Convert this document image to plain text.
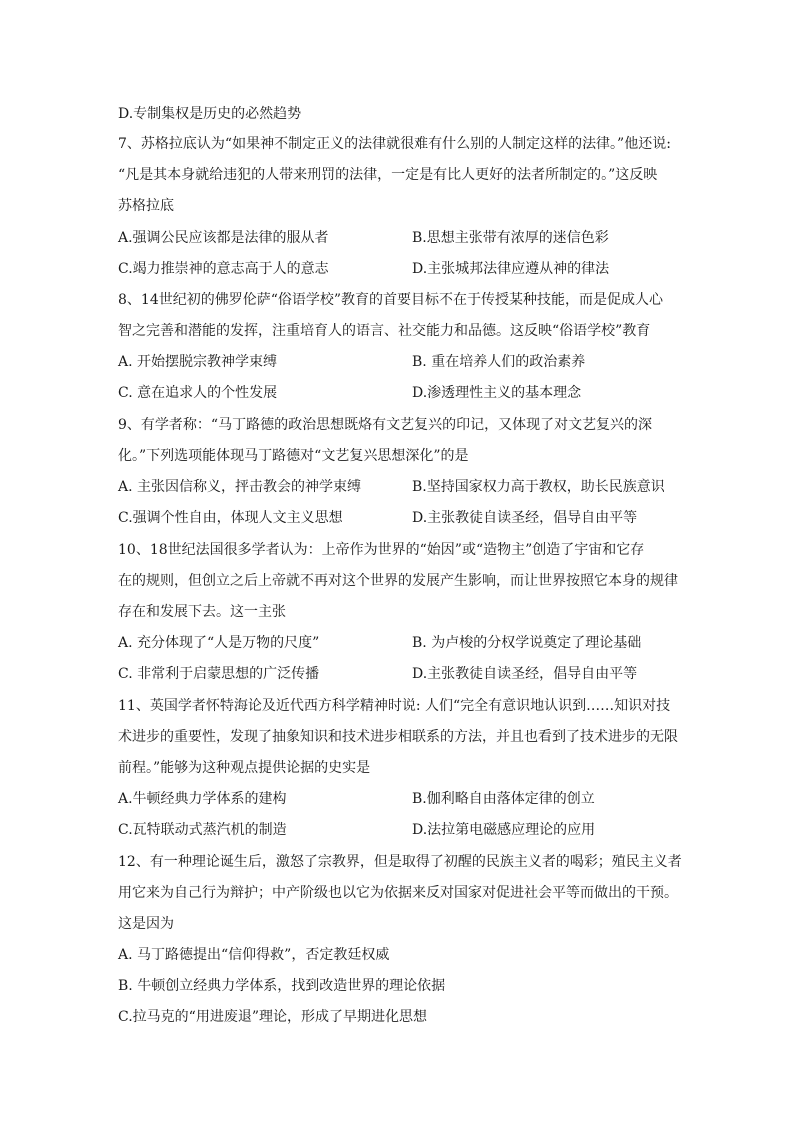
D.专制集权是历史的必然趋势
7、苏格拉底认为“如果神不制定正义的法律就很难有什么别的人制定这样的法律。”他还说:
“凡是其本身就给违犯的人带来刑罚的法律，一定是有比人更好的法者所制定的。”这反映
苏格拉底
A.强调公民应该都是法律的服从者	B.思想主张带有浓厚的迷信色彩
C.竭力推崇神的意志高于人的意志	D.主张城邦法律应遵从神的律法
8、14世纪初的佛罗伦萨“俗语学校”教育的首要目标不在于传授某种技能，而是促成人心
智之完善和潜能的发挥，注重培育人的语言、社交能力和品德。这反映“俗语学校”教育
A. 开始摆脱宗教神学束缚	B. 重在培养人们的政治素养
C. 意在追求人的个性发展	D.渗透理性主义的基本理念
9、有学者称：“马丁路德的政治思想既烙有文艺复兴的印记，又体现了对文艺复兴的深
化。”下列选项能体现马丁路德对“文艺复兴思想深化”的是
A. 主张因信称义，抨击教会的神学束缚	B.坚持国家权力高于教权，助长民族意识
C.强调个性自由，体现人文主义思想	D.主张教徒自读圣经，倡导自由平等
10、18世纪法国很多学者认为：上帝作为世界的“始因”或“造物主”创造了宇宙和它存
在的规则，但创立之后上帝就不再对这个世界的发展产生影响，而让世界按照它本身的规律
存在和发展下去。这一主张
A. 充分体现了“人是万物的尺度”	B. 为卢梭的分权学说奠定了理论基础
C. 非常利于启蒙思想的广泛传播	D.主张教徒自读圣经，倡导自由平等
11、英国学者怀特海论及近代西方科学精神时说: 人们“完全有意识地认识到……知识对技
术进步的重要性，发现了抽象知识和技术进步相联系的方法，并且也看到了技术进步的无限
前程。”能够为这种观点提供论据的史实是
A.牛顿经典力学体系的建构	B.伽利略自由落体定律的创立
C.瓦特联动式蒸汽机的制造	D.法拉第电磁感应理论的应用
12、有一种理论诞生后，激怒了宗教界，但是取得了初醒的民族主义者的喝彩；殖民主义者
用它来为自己行为辩护；中产阶级也以它为依据来反对国家对促进社会平等而做出的干预。
这是因为
A. 马丁路德提出“信仰得救”，否定教廷权威
B. 牛顿创立经典力学体系，找到改造世界的理论依据
C.拉马克的“用进废退”理论，形成了早期进化思想
